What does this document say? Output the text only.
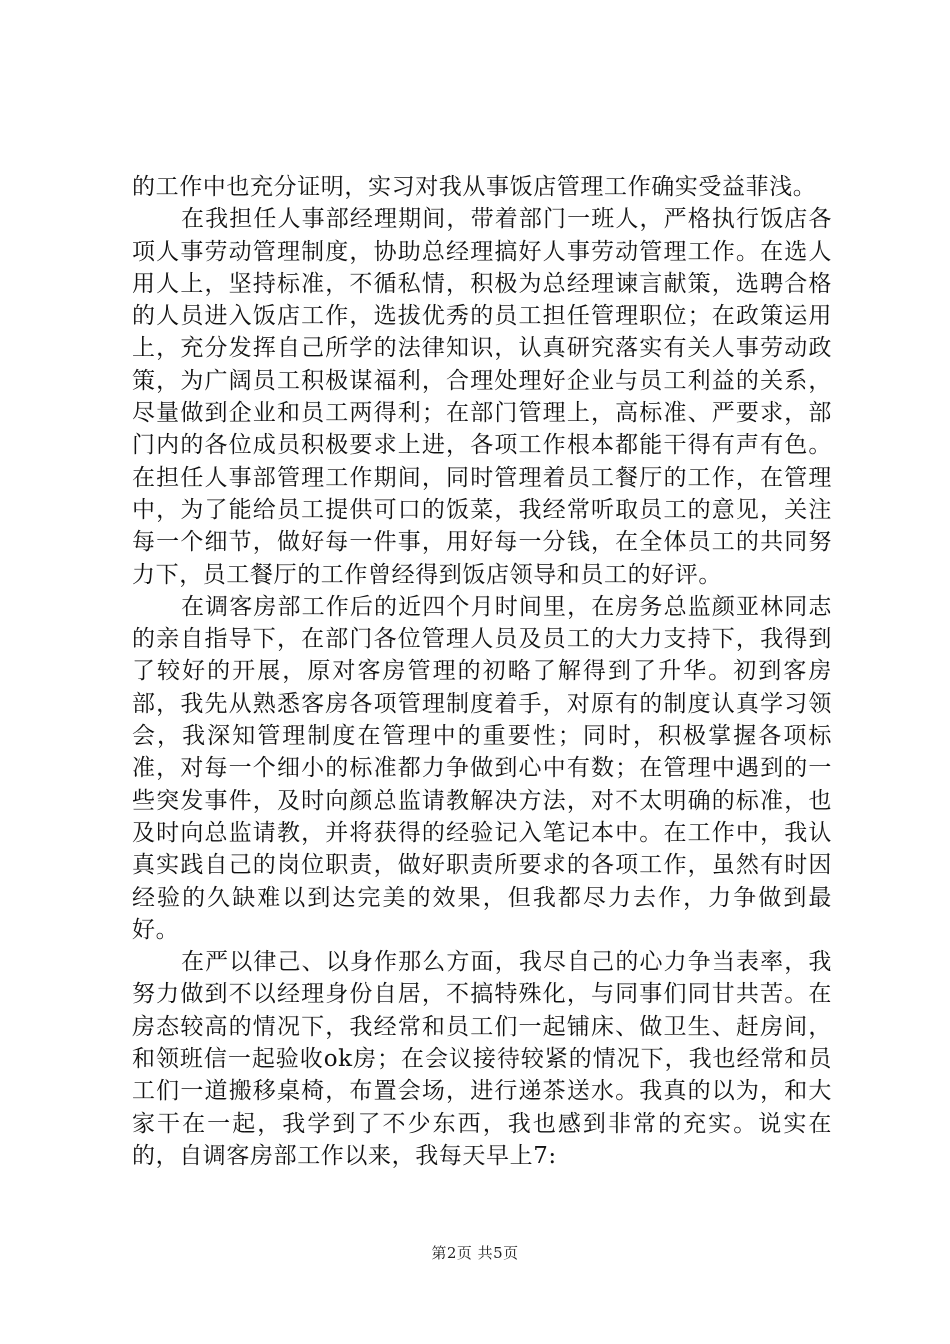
的工作中也充分证明，实习对我从事饭店管理工作确实受益菲浅。

在我担任人事部经理期间，带着部门一班人，严格执行饭店各项人事劳动管理制度，协助总经理搞好人事劳动管理工作。在选人用人上，坚持标准，不循私情，积极为总经理谏言献策，选聘合格的人员进入饭店工作，选拔优秀的员工担任管理职位；在政策运用上，充分发挥自己所学的法律知识，认真研究落实有关人事劳动政策，为广阔员工积极谋福利，合理处理好企业与员工利益的关系，尽量做到企业和员工两得利；在部门管理上，高标准、严要求，部门内的各位成员积极要求上进，各项工作根本都能干得有声有色。在担任人事部管理工作期间，同时管理着员工餐厅的工作，在管理中，为了能给员工提供可口的饭菜，我经常听取员工的意见，关注每一个细节，做好每一件事，用好每一分钱，在全体员工的共同努力下，员工餐厅的工作曾经得到饭店领导和员工的好评。

在调客房部工作后的近四个月时间里，在房务总监颜亚林同志的亲自指导下，在部门各位管理人员及员工的大力支持下，我得到了较好的开展，原对客房管理的初略了解得到了升华。初到客房部，我先从熟悉客房各项管理制度着手，对原有的制度认真学习领会，我深知管理制度在管理中的重要性；同时，积极掌握各项标准，对每一个细小的标准都力争做到心中有数；在管理中遇到的一些突发事件，及时向颜总监请教解决方法，对不太明确的标准，也及时向总监请教，并将获得的经验记入笔记本中。在工作中，我认真实践自己的岗位职责，做好职责所要求的各项工作，虽然有时因经验的久缺难以到达完美的效果，但我都尽力去作，力争做到最好。

在严以律己、以身作那么方面，我尽自己的心力争当表率，我努力做到不以经理身份自居，不搞特殊化，与同事们同甘共苦。在房态较高的情况下，我经常和员工们一起铺床、做卫生、赶房间，和领班信一起验收ok房；在会议接待较紧的情况下，我也经常和员工们一道搬移桌椅，布置会场，进行递茶送水。我真的以为，和大家干在一起，我学到了不少东西，我也感到非常的充实。说实在的，自调客房部工作以来，我每天早上7:

第2页 共5页
